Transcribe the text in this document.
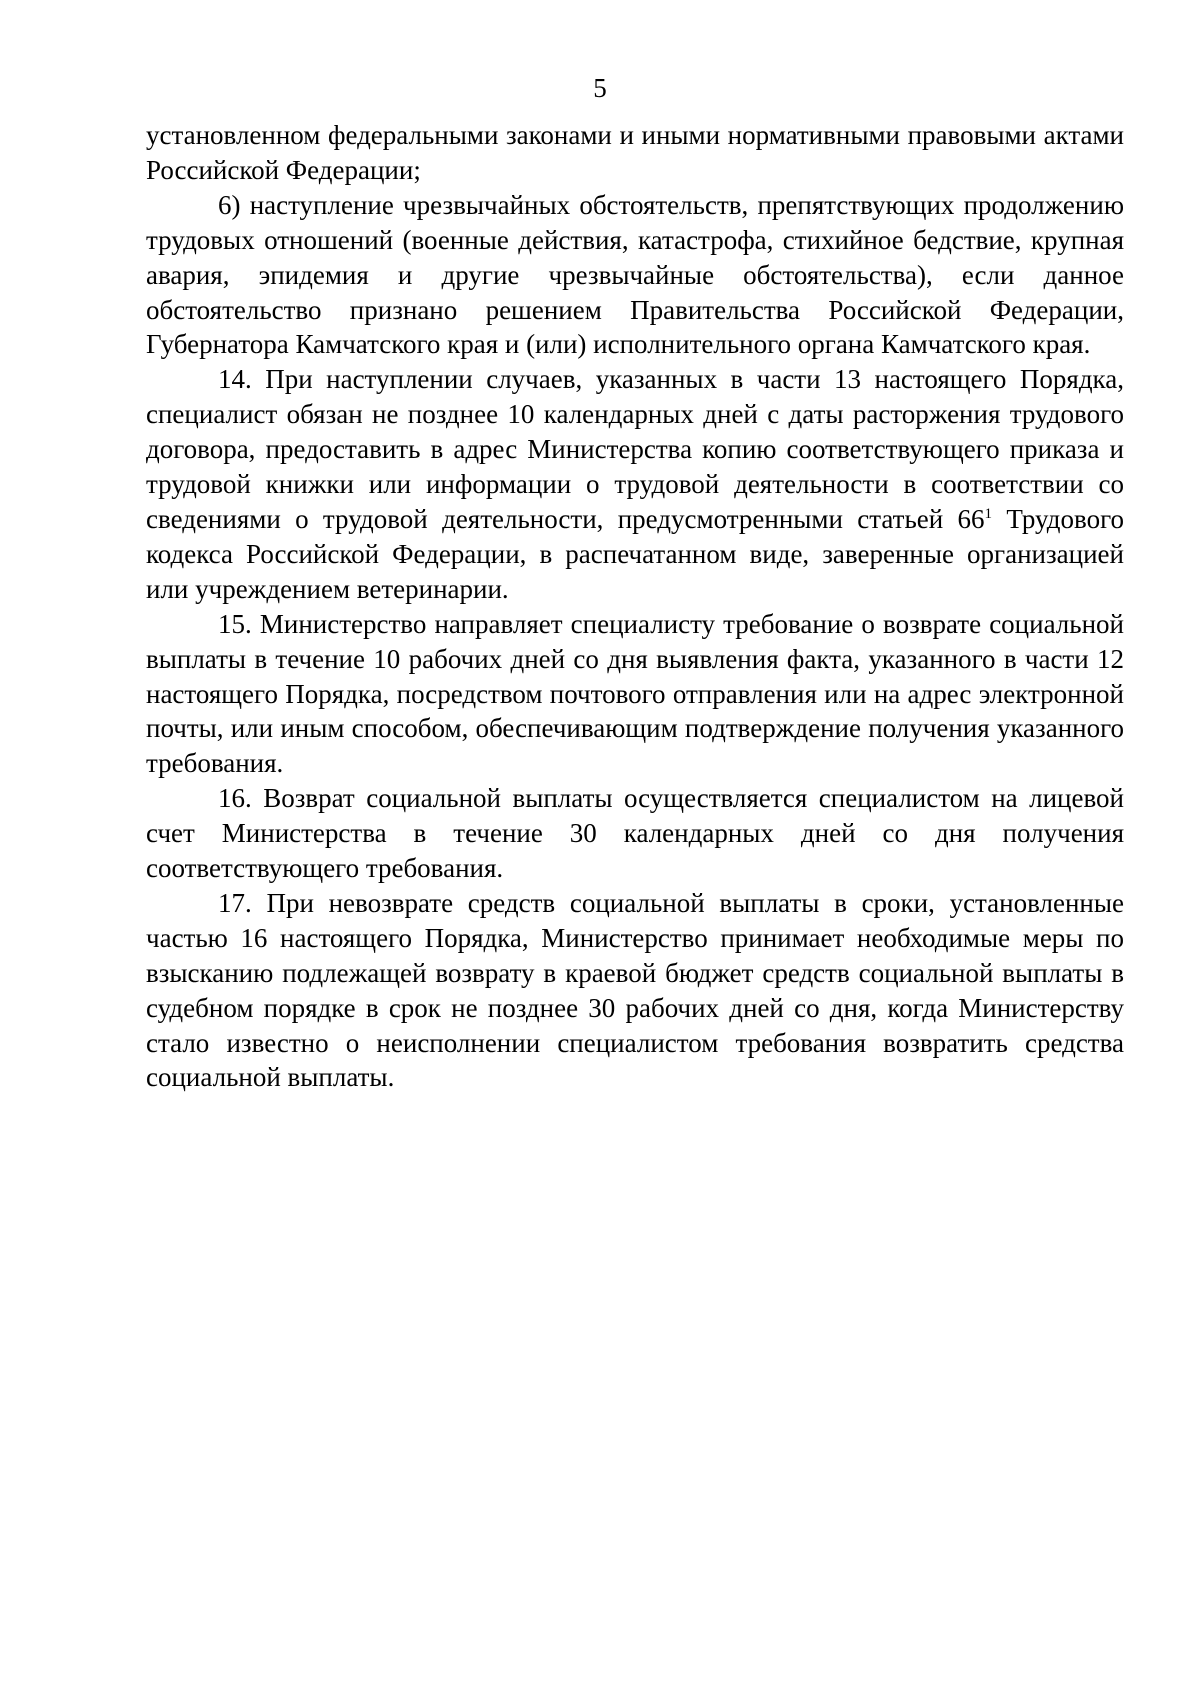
5

установленном федеральными законами и иными нормативными правовыми актами Российской Федерации;

6) наступление чрезвычайных обстоятельств, препятствующих продолжению трудовых отношений (военные действия, катастрофа, стихийное бедствие, крупная авария, эпидемия и другие чрезвычайные обстоятельства), если данное обстоятельство признано решением Правительства Российской Федерации, Губернатора Камчатского края и (или) исполнительного органа Камчатского края.

14. При наступлении случаев, указанных в части 13 настоящего Порядка, специалист обязан не позднее 10 календарных дней с даты расторжения трудового договора, предоставить в адрес Министерства копию соответствующего приказа и трудовой книжки или информации о трудовой деятельности в соответствии со сведениями о трудовой деятельности, предусмотренными статьей $66^1$ Трудового кодекса Российской Федерации, в распечатанном виде, заверенные организацией или учреждением ветеринарии.

15. Министерство направляет специалисту требование о возврате социальной выплаты в течение 10 рабочих дней со дня выявления факта, указанного в части 12 настоящего Порядка, посредством почтового отправления или на адрес электронной почты, или иным способом, обеспечивающим подтверждение получения указанного требования.

16. Возврат социальной выплаты осуществляется специалистом на лицевой счет Министерства в течение 30 календарных дней со дня получения соответствующего требования.

17. При невозврате средств социальной выплаты в сроки, установленные частью 16 настоящего Порядка, Министерство принимает необходимые меры по взысканию подлежащей возврату в краевой бюджет средств социальной выплаты в судебном порядке в срок не позднее 30 рабочих дней со дня, когда Министерству стало известно о неисполнении специалистом требования возвратить средства социальной выплаты.
